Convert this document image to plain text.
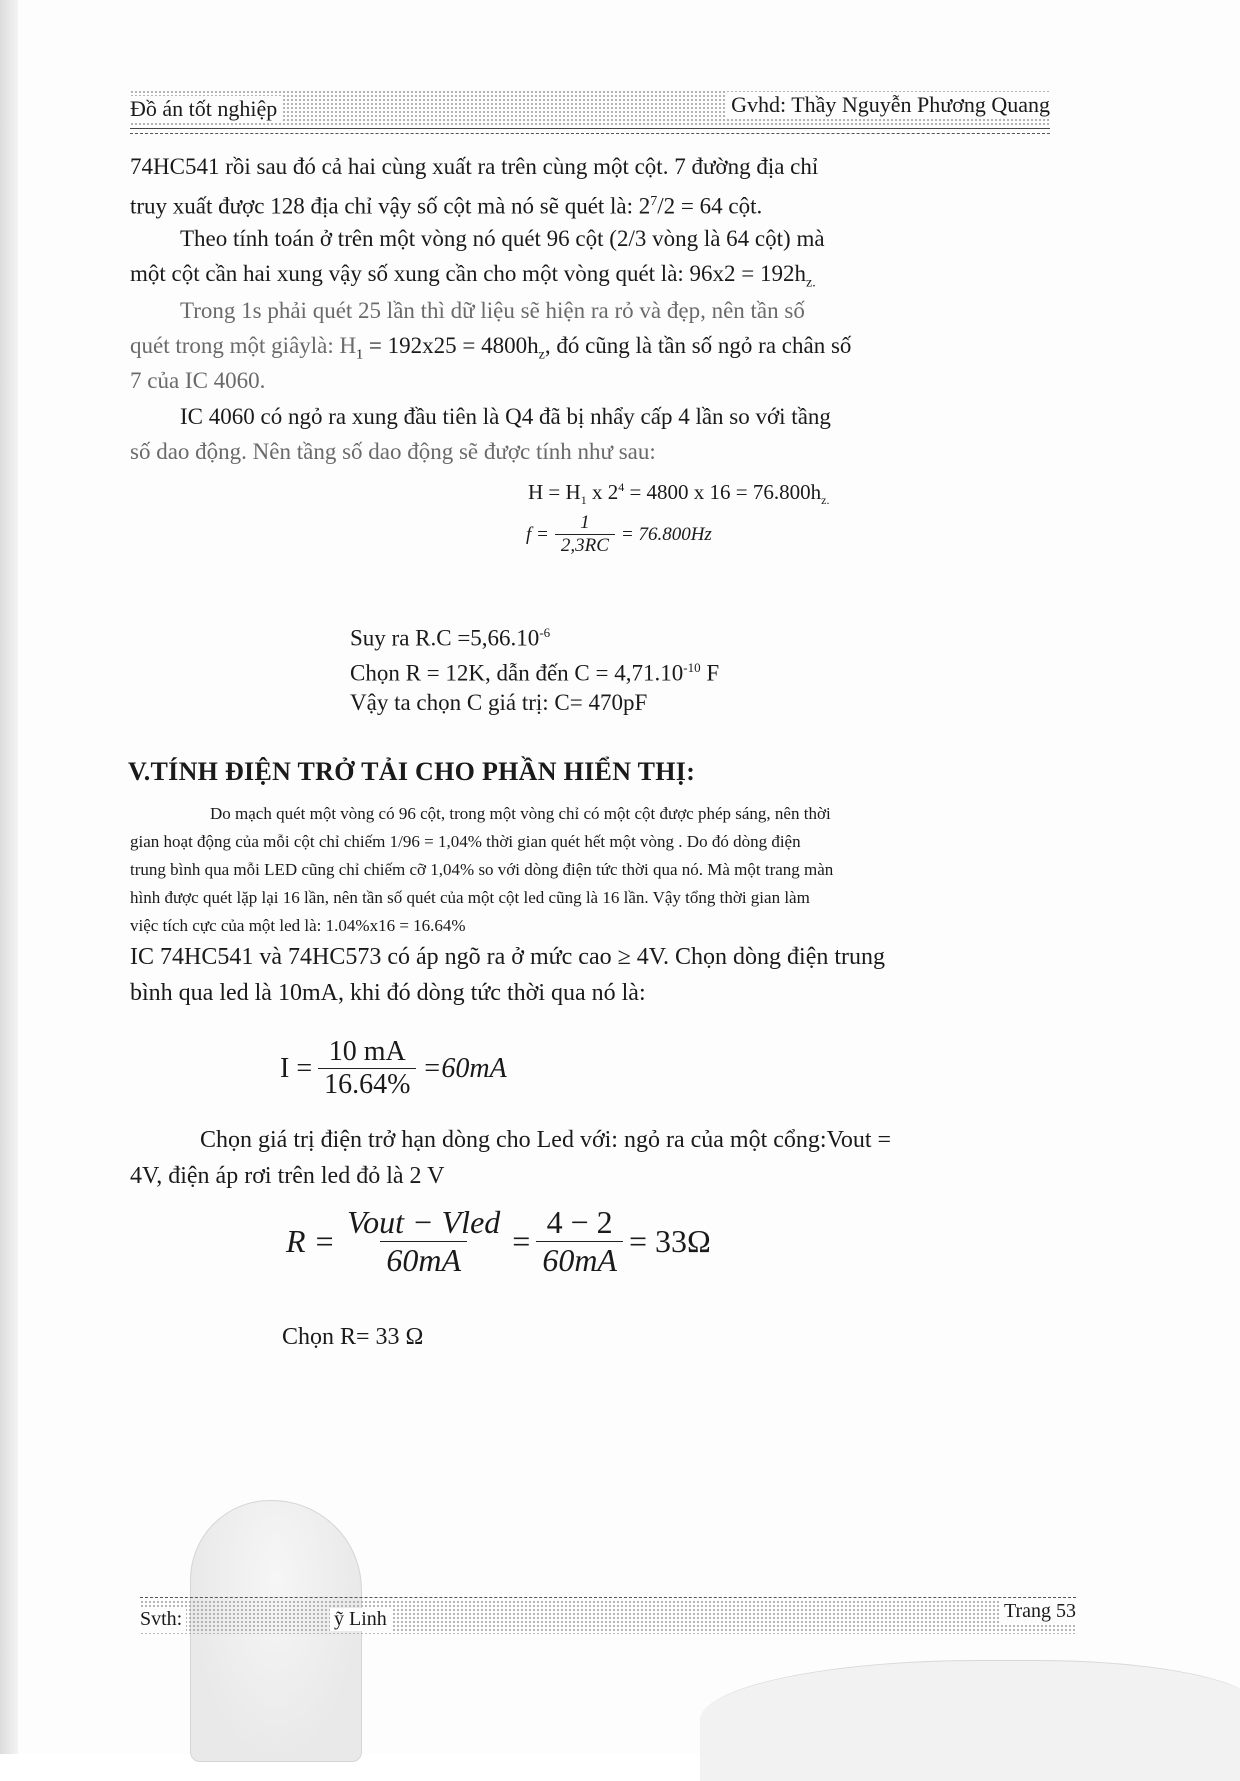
Đồ án tốt nghiệp	Gvhd: Thầy Nguyễn Phương Quang
74HC541 rồi sau đó cả hai cùng xuất ra trên cùng một cột. 7 đường địa chỉ
truy xuất được 128 địa chỉ vậy số cột mà nó sẽ quét là: $2^7/2 = 64$ cột.
Theo tính toán ở trên một vòng nó quét 96 cột (2/3 vòng là 64 cột) mà
một cột cần hai xung vậy số xung cần cho một vòng quét là: $96x2 = 192h_{z.}$
Trong 1s phải quét 25 lần thì dữ liệu sẽ hiện ra rỏ và đẹp, nên tần số
quét trong một giâylà: $H_1 = 192x25 = 4800h_z$, đó cũng là tần số ngỏ ra chân số
7 của IC 4060.
IC 4060 có ngỏ ra xung đầu tiên là Q4 đã bị nhẩy cấp 4 lần so với tầng
số dao động. Nên tầng số dao động sẽ được tính như sau:
$H = H_1$ x $2^4 = 4800$ x $16 = 76.800h_{z.}$
$f = \frac{1}{2,3RC} = 76.800Hz$
Suy ra $R.C =5,66.10^{-6}$
Chọn R = 12K, dẫn đến $C = 4,71.10^{-10}$ F
Vậy ta chọn C giá trị: C= 470pF
V.TÍNH ĐIỆN TRỞ TẢI CHO PHẦN HIỂN THỊ:
Do mạch quét một vòng có 96 cột, trong một vòng chỉ có một cột được phép sáng, nên thời
gian hoạt động của mỗi cột chỉ chiếm 1/96 = 1,04% thời gian quét hết một vòng . Do đó dòng điện
trung bình qua mỗi LED cũng chỉ chiếm cỡ 1,04% so với dòng điện tức thời qua nó. Mà một trang màn
hình được quét lặp lại 16 lần, nên tần số quét của một cột led cũng là 16 lần. Vậy tổng thời gian làm
việc tích cực của một led là: 1.04%x16 = 16.64%
IC 74HC541 và 74HC573 có áp ngõ ra ở mức cao ≥ 4V. Chọn dòng điện trung
bình qua led là 10mA, khi đó dòng tức thời qua nó là:
$I = \frac{10 mA}{16.64\%} =60mA$
Chọn giá trị điện trở hạn dòng cho Led với: ngỏ ra của một cổng:Vout =
4V, điện áp rơi trên led đỏ là 2 V
$R = \frac{\text{Vout − Vled}}{60mA} = \frac{4 - 2}{60mA} = 33\Omega$
Chọn R= 33 Ω
Svth:	ỹ Linh	Trang 53
